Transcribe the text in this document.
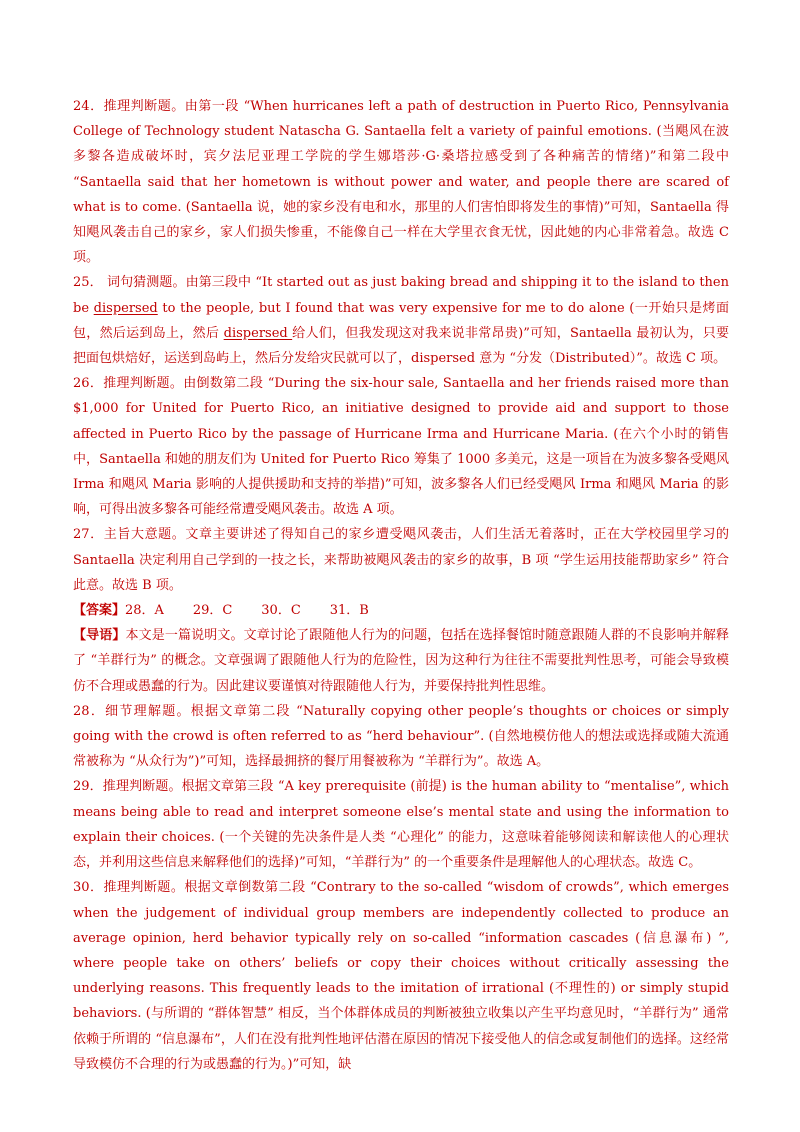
24．推理判断题。由第一段 “When hurricanes left a path of destruction in Puerto Rico, Pennsylvania College of Technology student Natascha G. Santaella felt a variety of painful emotions. (当飓风在波多黎各造成破坏时，宾夕法尼亚理工学院的学生娜塔莎·G·桑塔拉感受到了各种痛苦的情绪)”和第二段中 “Santaella said that her hometown is without power and water, and people there are scared of what is to come. (Santaella 说，她的家乡没有电和水，那里的人们害怕即将发生的事情)”可知，Santaella 得知飓风袭击自己的家乡，家人们损失惨重，不能像自己一样在大学里衣食无忧，因此她的内心非常着急。故选 C 项。

25． 词句猜测题。由第三段中 “It started out as just baking bread and shipping it to the island to then be dispersed to the people, but I found that was very expensive for me to do alone (一开始只是烤面包，然后运到岛上，然后 dispersed 给人们，但我发现这对我来说非常昂贵)”可知，Santaella 最初认为，只要把面包烘焙好，运送到岛屿上，然后分发给灾民就可以了，dispersed 意为 “分发（Distributed）”。故选 C 项。

26．推理判断题。由倒数第二段 “During the six-hour sale, Santaella and her friends raised more than $1,000 for United for Puerto Rico, an initiative designed to provide aid and support to those affected in Puerto Rico by the passage of Hurricane Irma and Hurricane Maria. (在六个小时的销售中，Santaella 和她的朋友们为 United for Puerto Rico 筹集了 1000 多美元，这是一项旨在为波多黎各受飓风 Irma 和飓风 Maria 影响的人提供援助和支持的举措)”可知，波多黎各人们已经受飓风 Irma 和飓风 Maria 的影响，可得出波多黎各可能经常遭受飓风袭击。故选 A 项。

27．主旨大意题。文章主要讲述了得知自己的家乡遭受飓风袭击，人们生活无着落时，正在大学校园里学习的 Santaella 决定利用自己学到的一技之长，来帮助被飓风袭击的家乡的故事，B 项 “学生运用技能帮助家乡” 符合此意。故选 B 项。

【答案】28．A       29．C       30．C       31．B

【导语】本文是一篇说明文。文章讨论了跟随他人行为的问题，包括在选择餐馆时随意跟随人群的不良影响并解释了 “羊群行为” 的概念。文章强调了跟随他人行为的危险性，因为这种行为往往不需要批判性思考，可能会导致模仿不合理或愚蠢的行为。因此建议要谨慎对待跟随他人行为，并要保持批判性思维。

28．细节理解题。根据文章第二段 “Naturally copying other people’s thoughts or choices or simply going with the crowd is often referred to as “herd behaviour”. (自然地模仿他人的想法或选择或随大流通常被称为 “从众行为”)”可知，选择最拥挤的餐厅用餐被称为 “羊群行为”。故选 A。

29．推理判断题。根据文章第三段 “A key prerequisite (前提) is the human ability to “mentalise”, which means being able to read and interpret someone else’s mental state and using the information to explain their choices. (一个关键的先决条件是人类 “心理化” 的能力，这意味着能够阅读和解读他人的心理状态，并利用这些信息来解释他们的选择)”可知，“羊群行为” 的一个重要条件是理解他人的心理状态。故选 C。

30．推理判断题。根据文章倒数第二段 “Contrary to the so-called “wisdom of crowds”, which emerges when the judgement of individual group members are independently collected to produce an average opinion, herd behavior typically rely on so-called “information cascades (信息瀑布) ”, where people take on others’ beliefs or copy their choices without critically assessing the underlying reasons. This frequently leads to the imitation of irrational (不理性的) or simply stupid behaviors. (与所谓的 “群体智慧” 相反，当个体群体成员的判断被独立收集以产生平均意见时，“羊群行为” 通常依赖于所谓的 “信息瀑布”，人们在没有批判性地评估潜在原因的情况下接受他人的信念或复制他们的选择。这经常导致模仿不合理的行为或愚蠢的行为。)”可知，缺
